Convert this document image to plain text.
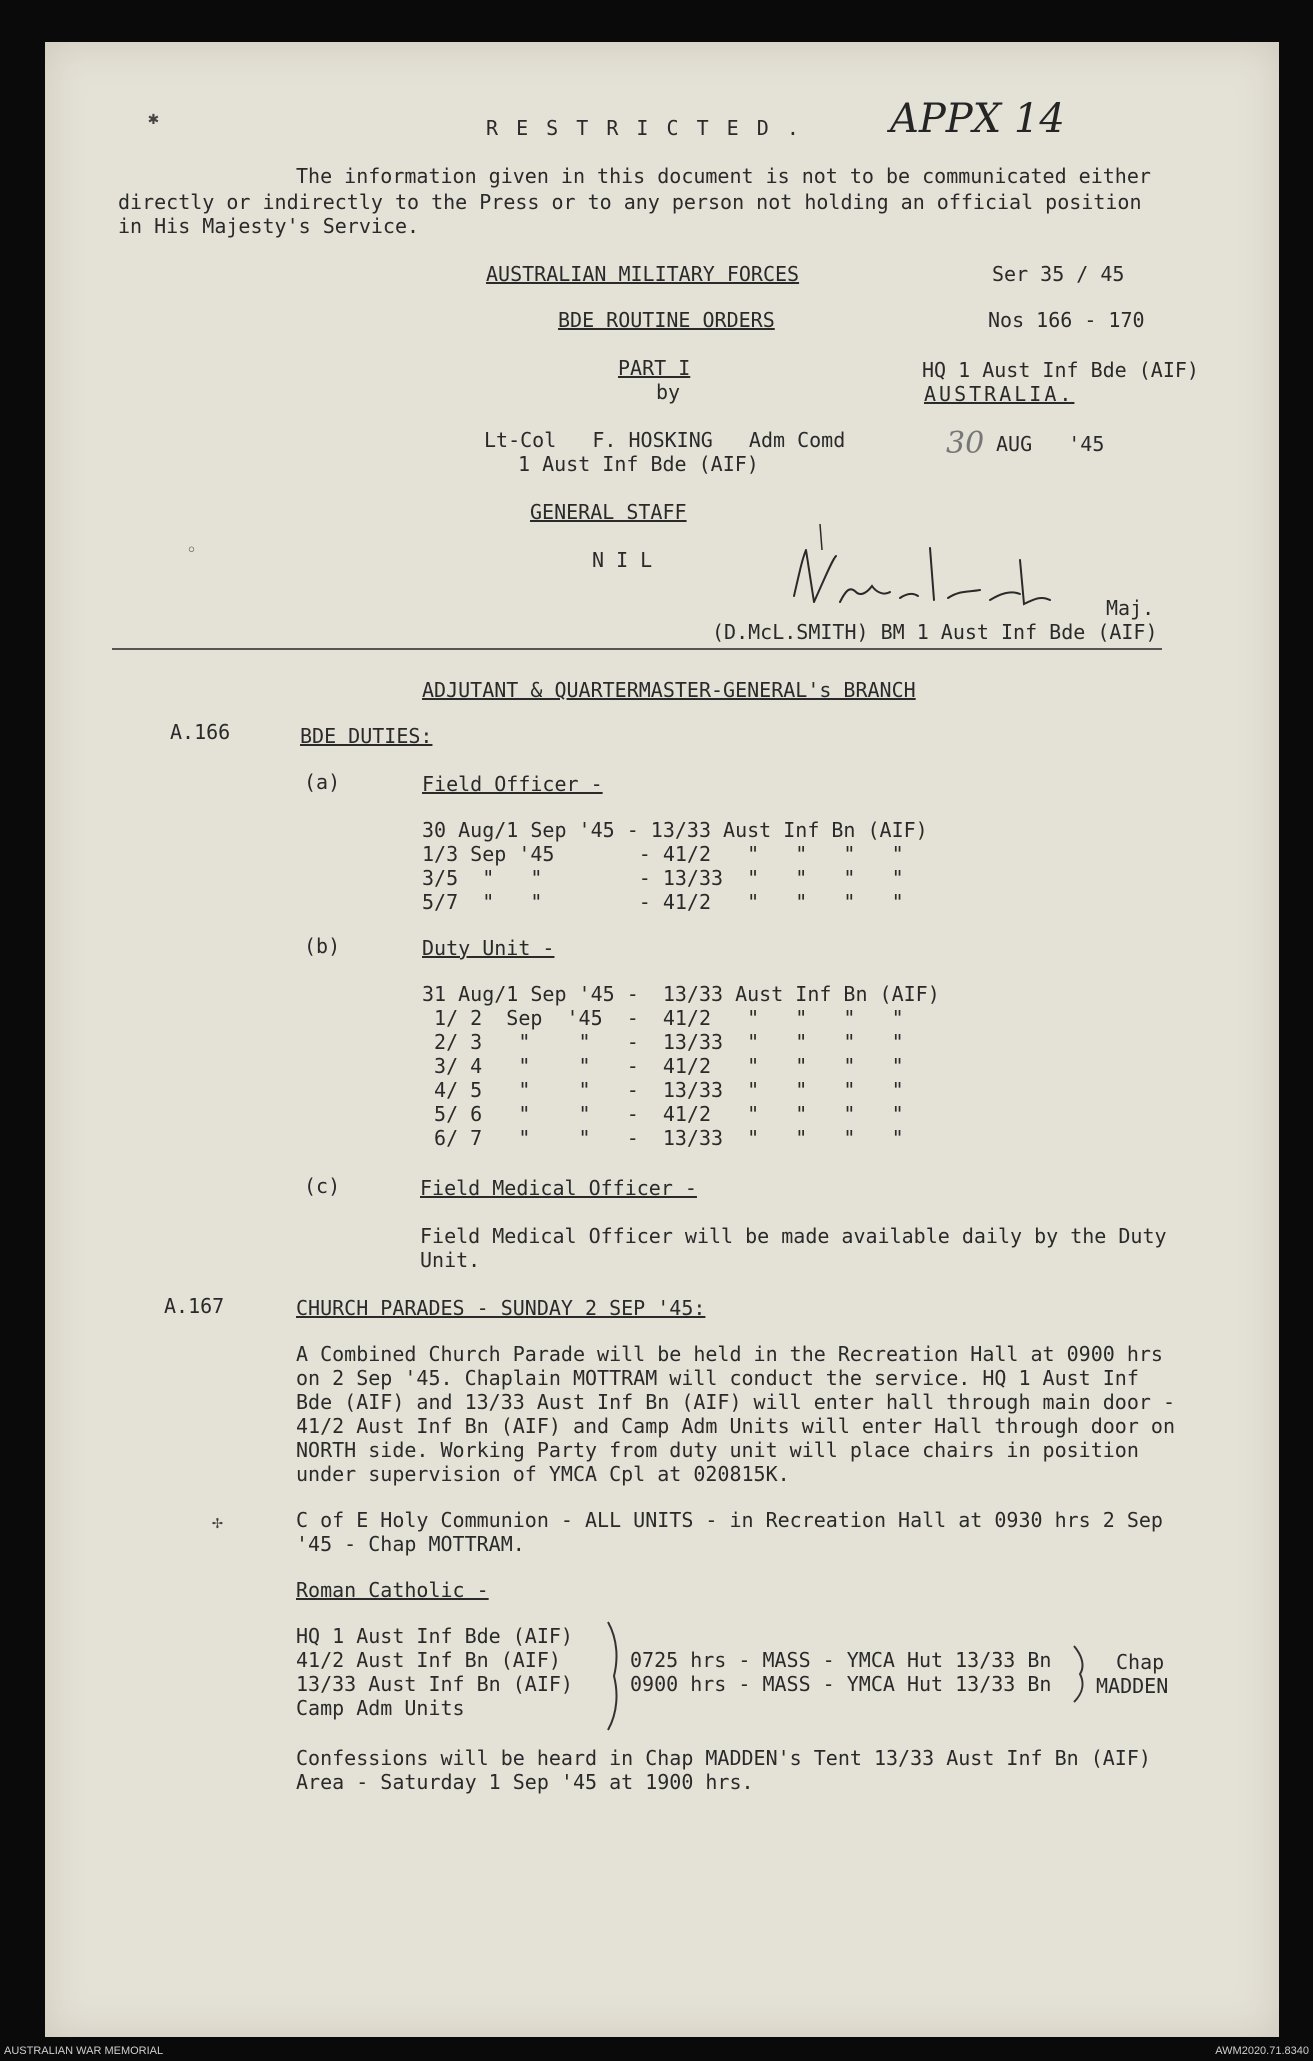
✱
◦
✢
R E S T R I C T E D . APPX 14
The information given in this document is not to be communicated either
directly or indirectly to the Press or to any person not holding an official position
in His Majesty's Service.
AUSTRALIAN MILITARY FORCES	Ser 35 / 45
BDE ROUTINE ORDERS	Nos 166 - 170
PART I	HQ 1 Aust Inf Bde (AIF)
by	AUSTRALIA.
Lt-Col   F. HOSKING   Adm Comd
1 Aust Inf Bde (AIF)
30 AUG   '45
GENERAL STAFF
N I L
Maj.
(D.McL.SMITH) BM 1 Aust Inf Bde (AIF)
ADJUTANT & QUARTERMASTER-GENERAL's BRANCH
A.166	BDE DUTIES:
(a)	Field Officer -
30 Aug/1 Sep '45 - 13/33 Aust Inf Bn (AIF)
1/3 Sep '45       - 41/2   "   "   "   "
3/5  "   "        - 13/33  "   "   "   "
5/7  "   "        - 41/2   "   "   "   "
(b)	Duty Unit -
31 Aug/1 Sep '45 -  13/33 Aust Inf Bn (AIF)
1/ 2  Sep  '45  -  41/2   "   "   "   "
2/ 3   "    "   -  13/33  "   "   "   "
3/ 4   "    "   -  41/2   "   "   "   "
4/ 5   "    "   -  13/33  "   "   "   "
5/ 6   "    "   -  41/2   "   "   "   "
6/ 7   "    "   -  13/33  "   "   "   "
(c)	Field Medical Officer -
Field Medical Officer will be made available daily by the Duty
Unit.
A.167	CHURCH PARADES - SUNDAY 2 SEP '45:
A Combined Church Parade will be held in the Recreation Hall at 0900 hrs
on 2 Sep '45. Chaplain MOTTRAM will conduct the service. HQ 1 Aust Inf
Bde (AIF) and 13/33 Aust Inf Bn (AIF) will enter hall through main door -
41/2 Aust Inf Bn (AIF) and Camp Adm Units will enter Hall through door on
NORTH side. Working Party from duty unit will place chairs in position
under supervision of YMCA Cpl at 020815K.
C of E Holy Communion - ALL UNITS - in Recreation Hall at 0930 hrs 2 Sep
'45 - Chap MOTTRAM.
Roman Catholic -
HQ 1 Aust Inf Bde (AIF)
41/2 Aust Inf Bn (AIF)
13/33 Aust Inf Bn (AIF)
Camp Adm Units
0725 hrs - MASS - YMCA Hut 13/33 Bn
0900 hrs - MASS - YMCA Hut 13/33 Bn
Chap
MADDEN
Confessions will be heard in Chap MADDEN's Tent 13/33 Aust Inf Bn (AIF)
Area - Saturday 1 Sep '45 at 1900 hrs.
AUSTRALIAN WAR MEMORIAL	AWM2020.71.8340
